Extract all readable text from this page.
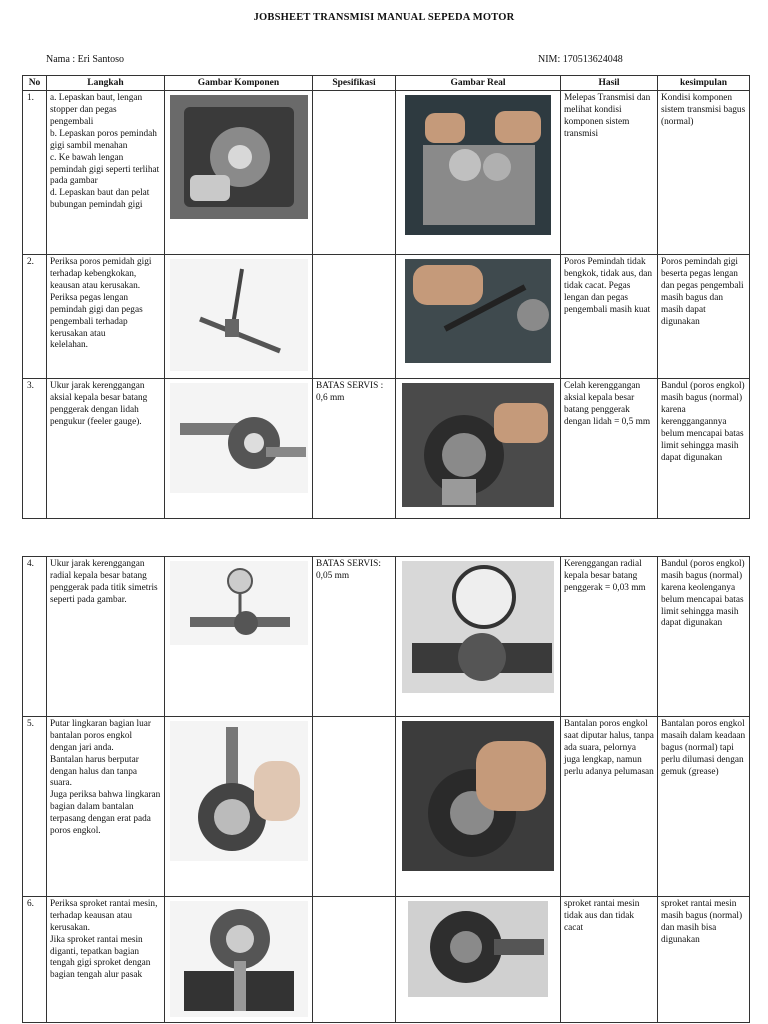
JOBSHEET TRANSMISI MANUAL SEPEDA MOTOR
Nama : Eri Santoso	NIM: 170513624048
No	Langkah	Gambar Komponen	Spesifikasi	Gambar Real	Hasil	kesimpulan
1.	a. Lepaskan baut, lengan stopper dan pegas pengembali
b. Lepaskan poros pemindah gigi sambil menahan
c. Ke bawah lengan pemindah gigi seperti terlihat pada gambar
d. Lepaskan baut dan pelat bubungan pemindah gigi				Melepas Transmisi dan melihat kondisi komponen sistem transmisi	Kondisi komponen sistem transmisi bagus (normal)
2.	Periksa poros pemidah gigi terhadap kebengkokan,
keausan atau kerusakan.
Periksa pegas lengan pemindah gigi dan pegas
pengembali terhadap kerusakan atau
kelelahan.				Poros Pemindah tidak bengkok, tidak aus, dan tidak cacat. Pegas lengan dan pegas pengembali masih kuat	Poros pemindah gigi beserta pegas lengan dan pegas pengembali masih bagus dan masih dapat digunakan
3.	Ukur jarak kerenggangan aksial kepala besar batang penggerak dengan lidah pengukur (feeler gauge).		BATAS SERVIS : 0,6 mm		Celah kerenggangan aksial kepala besar batang penggerak dengan lidah = 0,5 mm	Bandul (poros engkol) masih bagus (normal) karena kerenggangannya belum mencapai batas limit sehingga masih dapat digunakan
4.	Ukur jarak kerenggangan radial kepala besar batang penggerak pada titik simetris seperti pada gambar.		BATAS SERVIS: 0,05 mm		Kerenggangan radial kepala besar batang penggerak = 0,03 mm	Bandul (poros engkol) masih bagus (normal) karena keolenganya belum mencapai batas limit sehingga masih dapat digunakan
5.	Putar lingkaran bagian luar bantalan poros engkol
dengan jari anda.
Bantalan harus berputar dengan halus dan tanpa suara.
Juga periksa bahwa lingkaran bagian dalam bantalan
terpasang dengan erat pada poros engkol.				Bantalan poros engkol saat diputar halus, tanpa ada suara, pelornya juga lengkap, namun perlu adanya pelumasan	Bantalan poros engkol masaih dalam keadaan bagus (normal) tapi perlu dilumasi dengan gemuk (grease)
6.	Periksa sproket rantai mesin, terhadap keausan atau
kerusakan.
Jika sproket rantai mesin diganti, tepatkan bagian
tengah gigi sproket dengan bagian tengah alur pasak				sproket rantai mesin tidak aus dan tidak cacat	sproket rantai mesin masih bagus (normal) dan masih bisa digunakan
